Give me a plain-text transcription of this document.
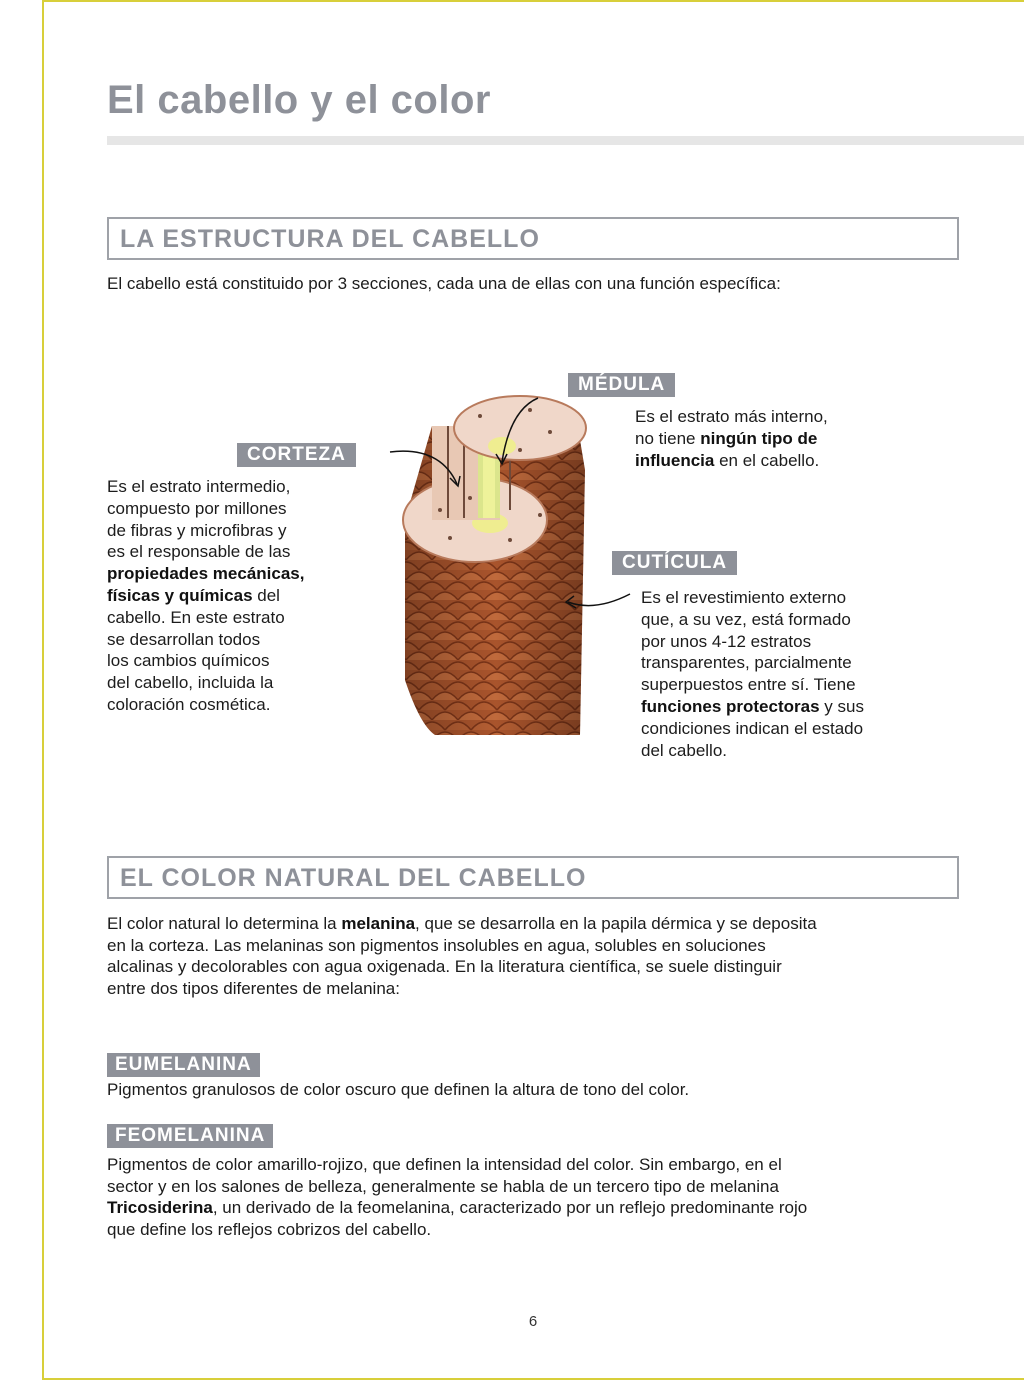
El cabello y el color
LA ESTRUCTURA DEL CABELLO

El cabello está constituido por 3 secciones, cada una de ellas con una función específica:

MÉDULA

Es el estrato más interno,
no tiene ningún tipo de
influencia en el cabello.

CORTEZA

Es el estrato intermedio,
compuesto por millones
de fibras y microfibras y
es el responsable de las
propiedades mecánicas,
físicas y químicas del
cabello. En este estrato
se desarrollan todos
los cambios químicos
del cabello, incluida la
coloración cosmética.

CUTÍCULA

Es el revestimiento externo
que, a su vez, está formado
por unos 4-12 estratos
transparentes, parcialmente
superpuestos entre sí. Tiene
funciones protectoras y sus
condiciones indican el estado
del cabello.

EL COLOR NATURAL DEL CABELLO

El color natural lo determina la melanina, que se desarrolla en la papila dérmica y se deposita
en la corteza. Las melaninas son pigmentos insolubles en agua, solubles en soluciones
alcalinas y decolorables con agua oxigenada. En la literatura científica, se suele distinguir
entre dos tipos diferentes de melanina:

EUMELANINA

Pigmentos granulosos de color oscuro que definen la altura de tono del color.

FEOMELANINA

Pigmentos de color amarillo-rojizo, que definen la intensidad del color. Sin embargo, en el
sector y en los salones de belleza, generalmente se habla de un tercero tipo de melanina
Tricosiderina, un derivado de la feomelanina, caracterizado por un reflejo predominante rojo
que define los reflejos cobrizos del cabello.

6
